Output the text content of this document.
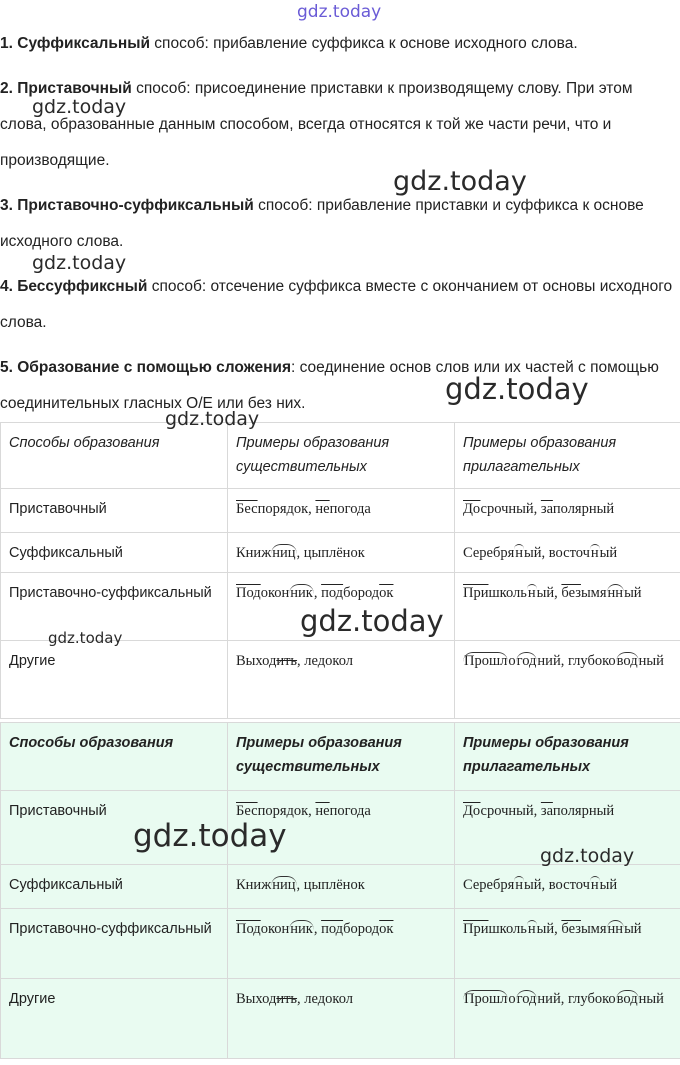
gdz.today

1. Суффиксальный способ: прибавление суффикса к основе исходного слова.

2. Приставочный способ: присоединение приставки к производящему слову. При этом слова, образованные данным способом, всегда относятся к той же части речи, что и производящие.

3. Приставочно-суффиксальный способ: прибавление приставки и суффикса к основе исходного слова.

4. Бессуффиксный способ: отсечение суффикса вместе с окончанием от основы исходного слова.

5. Образование с помощью сложения: соединение основ слов или их частей с помощью соединительных гласных О/Е или без них.

Способы образования	Примеры образования существительных	Примеры образования прилагательных
Приставочный	Беспорядок, непогода	Досрочный, заполярный
Суффиксальный	Книжниц, цыплёнок	Серебряный, восточный
Приставочно-суффиксальный	Подоконник, подбородок	Пришкольный, безымянный
Другие	Выходить, ледокол	Прошлогодний, глубоководный
Способы образования	Примеры образования существительных	Примеры образования прилагательных
Приставочный	Беспорядок, непогода	Досрочный, заполярный
Суффиксальный	Книжниц, цыплёнок	Серебряный, восточный
Приставочно-суффиксальный	Подоконник, подбородок	Пришкольный, безымянный
Другие	Выходить, ледокол	Прошлогодний, глубоководный
gdz.today
gdz.today
gdz.today
gdz.today
gdz.today
gdz.today
gdz.today
gdz.today
gdz.today
